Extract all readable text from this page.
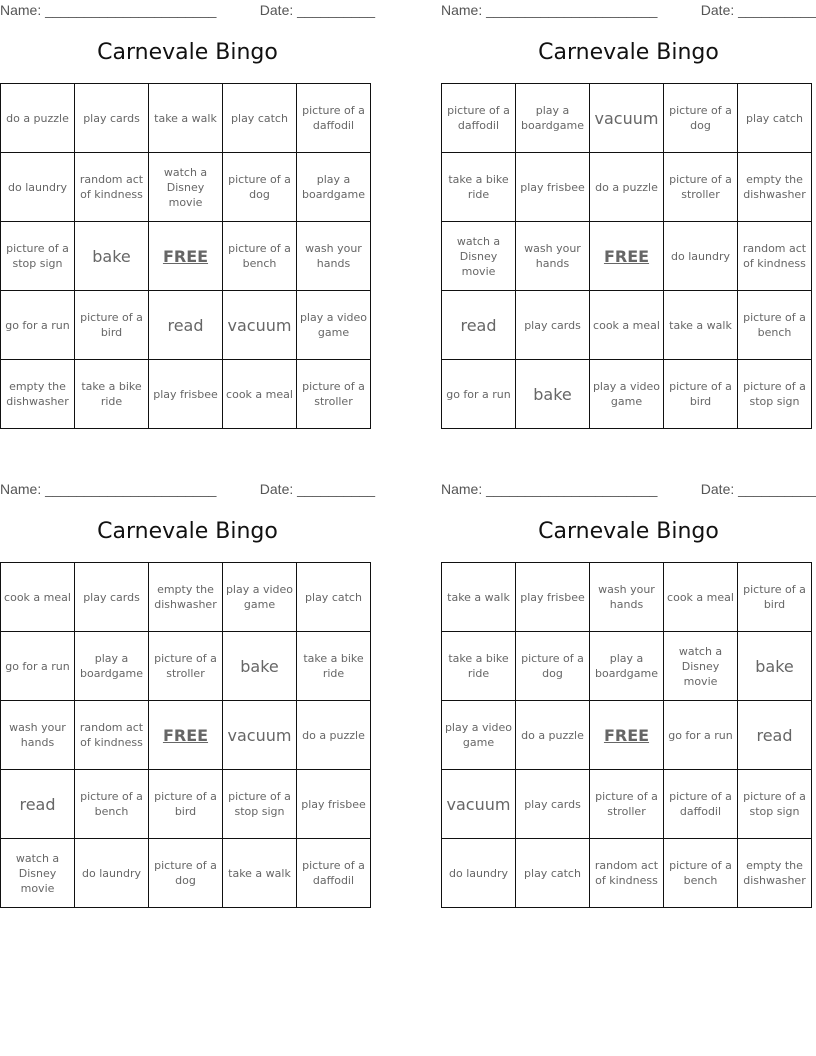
Name: ______________________	Date: __________
Carnevale Bingo
do a puzzle	play cards	take a walk	play catch	picture of a daffodil
do laundry	random act of kindness	watch a Disney movie	picture of a dog	play a boardgame
picture of a stop sign	bake	FREE	picture of a bench	wash your hands
go for a run	picture of a bird	read	vacuum	play a video game
empty the dishwasher	take a bike ride	play frisbee	cook a meal	picture of a stroller
Name: ______________________	Date: __________
Carnevale Bingo
picture of a daffodil	play a boardgame	vacuum	picture of a dog	play catch
take a bike ride	play frisbee	do a puzzle	picture of a stroller	empty the dishwasher
watch a Disney movie	wash your hands	FREE	do laundry	random act of kindness
read	play cards	cook a meal	take a walk	picture of a bench
go for a run	bake	play a video game	picture of a bird	picture of a stop sign
Name: ______________________	Date: __________
Carnevale Bingo
cook a meal	play cards	empty the dishwasher	play a video game	play catch
go for a run	play a boardgame	picture of a stroller	bake	take a bike ride
wash your hands	random act of kindness	FREE	vacuum	do a puzzle
read	picture of a bench	picture of a bird	picture of a stop sign	play frisbee
watch a Disney movie	do laundry	picture of a dog	take a walk	picture of a daffodil
Name: ______________________	Date: __________
Carnevale Bingo
take a walk	play frisbee	wash your hands	cook a meal	picture of a bird
take a bike ride	picture of a dog	play a boardgame	watch a Disney movie	bake
play a video game	do a puzzle	FREE	go for a run	read
vacuum	play cards	picture of a stroller	picture of a daffodil	picture of a stop sign
do laundry	play catch	random act of kindness	picture of a bench	empty the dishwasher
